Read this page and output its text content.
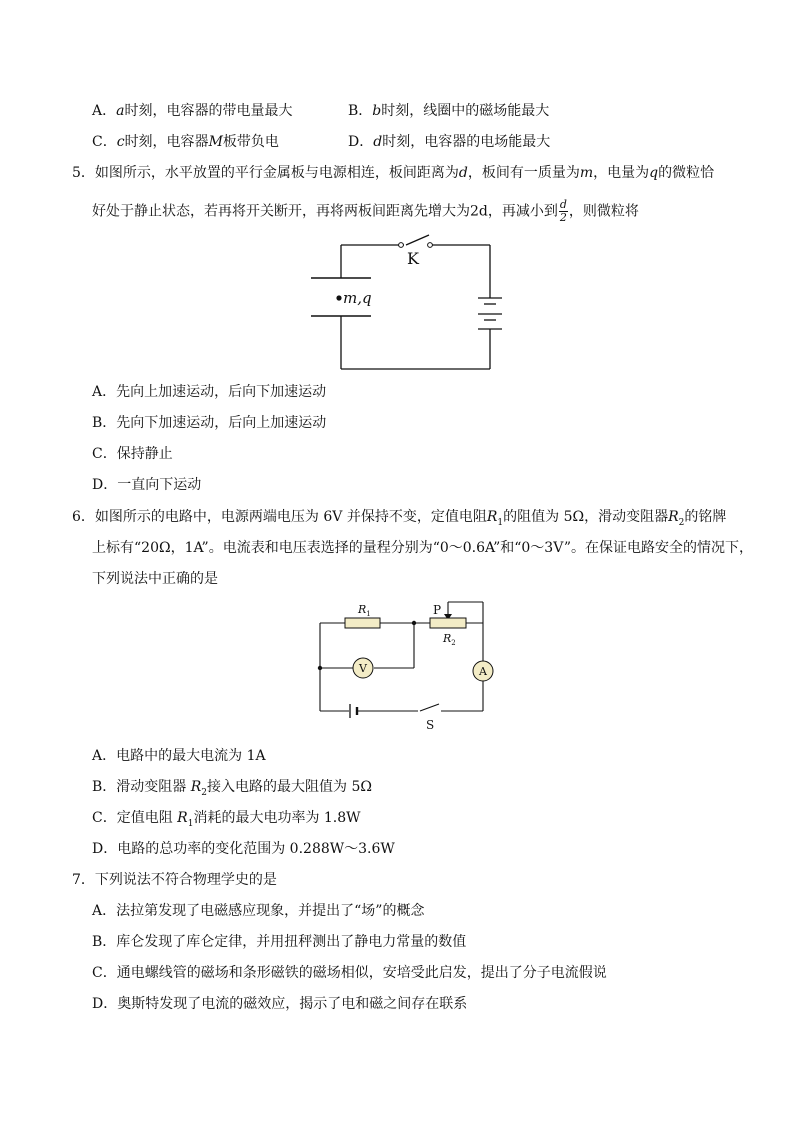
A．a时刻，电容器的带电量最大	B．b时刻，线圈中的磁场能最大
C．c时刻，电容器M板带负电	D．d时刻，电容器的电场能最大
5．如图所示，水平放置的平行金属板与电源相连，板间距离为d，板间有一质量为m，电量为q的微粒恰
好处于静止状态，若再将开关断开，再将两板间距离先增大为2d，再减小到 $\frac{d}{2}$ ，则微粒将
K
m,q
A．先向上加速运动，后向下加速运动
B．先向下加速运动，后向上加速运动
C．保持静止
D．一直向下运动
6．如图所示的电路中，电源两端电压为 6V 并保持不变，定值电阻$R_1$的阻值为 5Ω，滑动变阻器$R_2$的铭牌
上标有“20Ω，1A”。电流表和电压表选择的量程分别为“0～0.6A”和“0～3V”。在保证电路安全的情况下，
下列说法中正确的是
V	A
$R_1$	P
$R_2$
S
A．电路中的最大电流为 1A
B．滑动变阻器 $R_2$接入电路的最大阻值为 5Ω
C．定值电阻 $R_1$消耗的最大电功率为 1.8W
D．电路的总功率的变化范围为 0.288W～3.6W
7．下列说法不符合物理学史的是
A．法拉第发现了电磁感应现象，并提出了“场”的概念
B．库仑发现了库仑定律，并用扭秤测出了静电力常量的数值
C．通电螺线管的磁场和条形磁铁的磁场相似，安培受此启发，提出了分子电流假说
D．奥斯特发现了电流的磁效应，揭示了电和磁之间存在联系
